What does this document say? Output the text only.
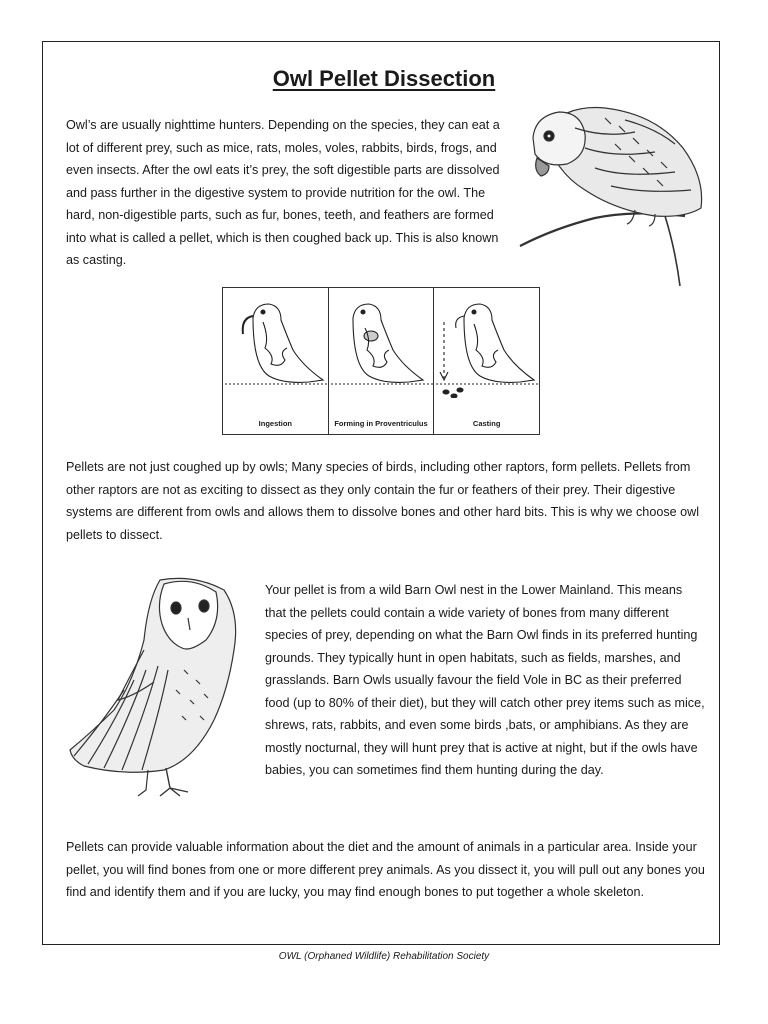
Owl Pellet Dissection

Owl’s are usually nighttime hunters. Depending on the species, they can eat a lot of different prey, such as mice, rats, moles, voles, rabbits, birds, frogs, and even insects. After the owl eats it’s prey, the soft digestible parts are dissolved and pass further in the digestive system to provide nutrition for the owl. The hard, non-digestible parts, such as fur, bones, teeth, and feathers are formed into what is called a pellet, which is then coughed back up. This is also known as casting.

Ingestion	Forming in Proventriculus	Casting

Pellets are not just coughed up by owls; Many species of birds, including other raptors, form pellets. Pellets from other raptors are not as exciting to dissect as they only contain the fur or feathers of their prey. Their digestive systems are different from owls and allows them to dissolve bones and other hard bits. This is why we choose owl pellets to dissect.

Your pellet is from a wild Barn Owl nest in the Lower Mainland. This means that the pellets could contain a wide variety of bones from many different species of prey, depending on what the Barn Owl finds in its preferred hunting grounds. They typically hunt in open habitats, such as fields, marshes, and grasslands. Barn Owls usually favour the field Vole in BC as their preferred food (up to 80% of their diet), but they will catch other prey items such as mice, shrews, rats, rabbits, and even some birds ,bats, or amphibians. As they are mostly nocturnal, they will hunt prey that is active at night, but if the owls have babies, you can sometimes find them hunting during the day.

Pellets can provide valuable information about the diet and the amount of animals in a particular area. Inside your pellet, you will find bones from one or more different prey animals. As you dissect it, you will pull out any bones you find and identify them and if you are lucky, you may find enough bones to put together a whole skeleton.

OWL (Orphaned Wildlife) Rehabilitation Society
